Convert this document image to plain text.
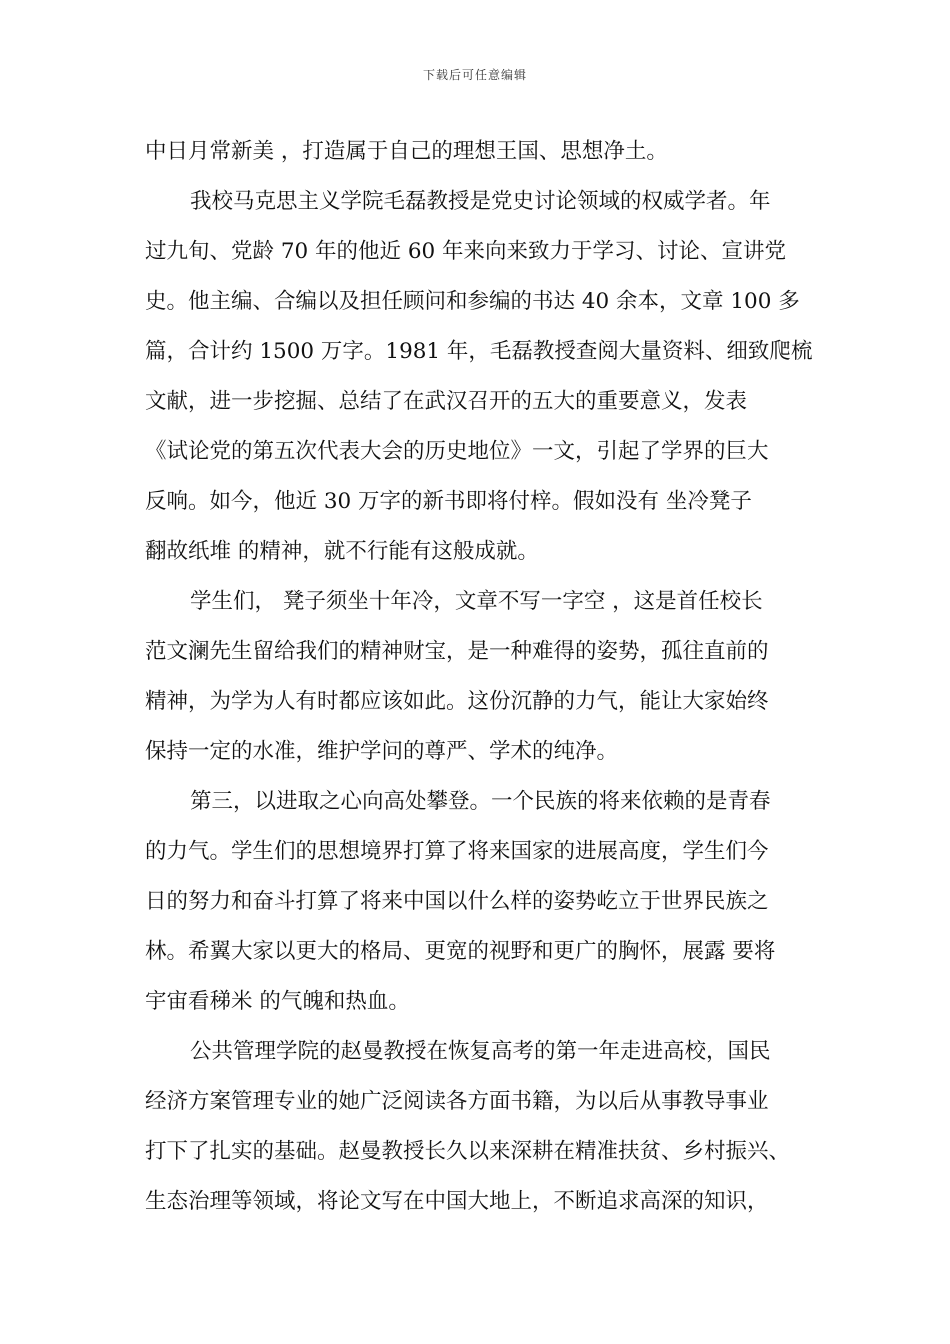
下载后可任意编辑
中日月常新美 ，打造属于自己的理想王国、思想净土。
我校马克思主义学院毛磊教授是党史讨论领域的权威学者。年
过九旬、党龄 70 年的他近 60 年来向来致力于学习、讨论、宣讲党
史。他主编、合编以及担任顾问和参编的书达 40 余本，文章 100 多
篇，合计约 1500 万字。1981 年，毛磊教授查阅大量资料、细致爬梳
文献，进一步挖掘、总结了在武汉召开的五大的重要意义，发表
《试论党的第五次代表大会的历史地位》一文，引起了学界的巨大
反响。如今，他近 30 万字的新书即将付梓。假如没有 坐冷凳子
翻故纸堆 的精神，就不行能有这般成就。
学生们， 凳子须坐十年冷，文章不写一字空 ，这是首任校长
范文澜先生留给我们的精神财宝，是一种难得的姿势，孤往直前的
精神，为学为人有时都应该如此。这份沉静的力气，能让大家始终
保持一定的水准，维护学问的尊严、学术的纯净。
第三，以进取之心向高处攀登。一个民族的将来依赖的是青春
的力气。学生们的思想境界打算了将来国家的进展高度，学生们今
日的努力和奋斗打算了将来中国以什么样的姿势屹立于世界民族之
林。希翼大家以更大的格局、更宽的视野和更广的胸怀，展露 要将
宇宙看稊米 的气魄和热血。
公共管理学院的赵曼教授在恢复高考的第一年走进高校，国民
经济方案管理专业的她广泛阅读各方面书籍，为以后从事教导事业
打下了扎实的基础。赵曼教授长久以来深耕在精准扶贫、乡村振兴、
生态治理等领域，将论文写在中国大地上，不断追求高深的知识，
